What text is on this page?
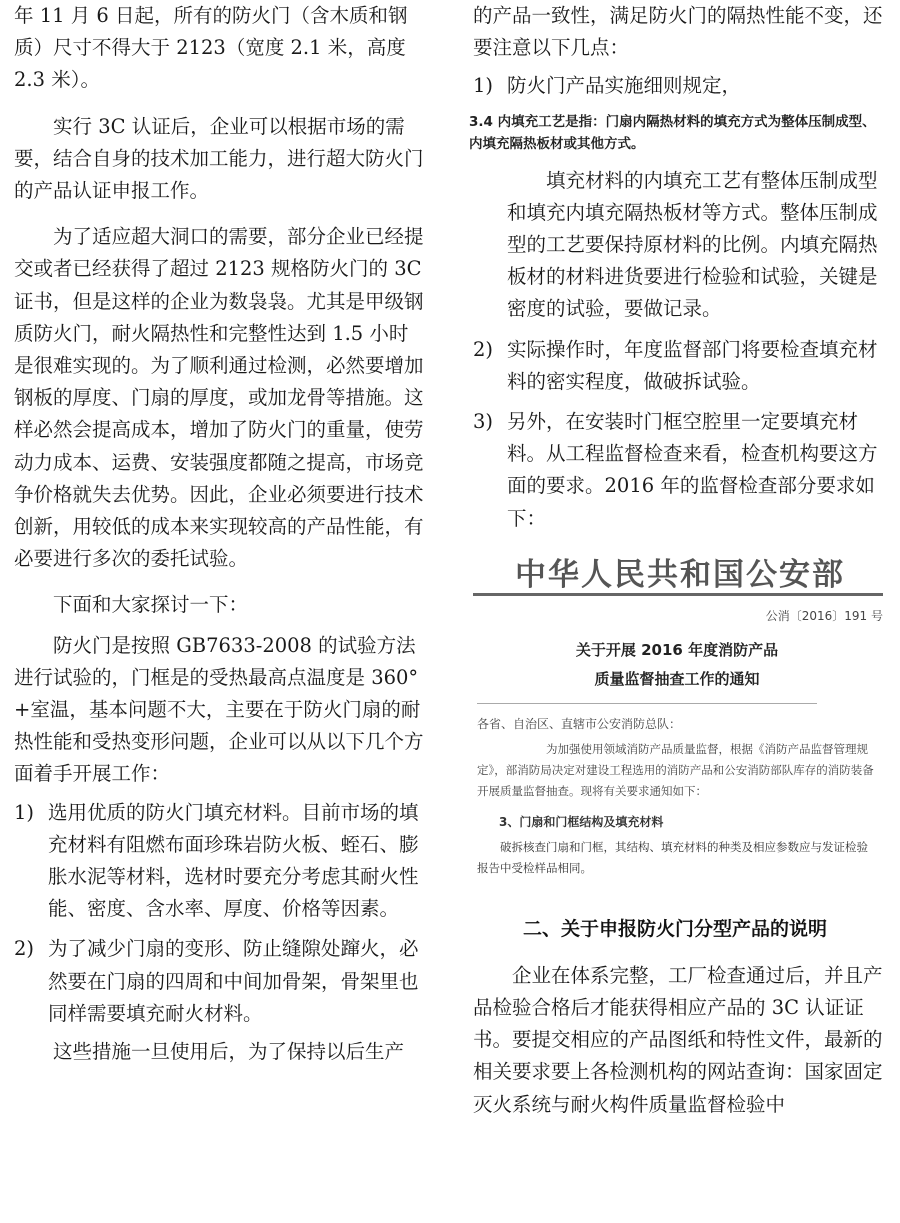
年 11 月 6 日起，所有的防火门（含木质和钢质）尺寸不得大于 2123（宽度 2.1 米，高度 2.3 米）。

实行 3C 认证后，企业可以根据市场的需要，结合自身的技术加工能力，进行超大防火门的产品认证申报工作。

为了适应超大洞口的需要，部分企业已经提交或者已经获得了超过 2123 规格防火门的 3C 证书，但是这样的企业为数袅袅。尤其是甲级钢质防火门，耐火隔热性和完整性达到 1.5 小时是很难实现的。为了顺利通过检测，必然要增加钢板的厚度、门扇的厚度，或加龙骨等措施。这样必然会提高成本，增加了防火门的重量，使劳动力成本、运费、安装强度都随之提高，市场竞争价格就失去优势。因此，企业必须要进行技术创新，用较低的成本来实现较高的产品性能，有必要进行多次的委托试验。

下面和大家探讨一下：

防火门是按照 GB7633-2008 的试验方法进行试验的，门框是的受热最高点温度是 360°+室温，基本问题不大，主要在于防火门扇的耐热性能和受热变形问题，企业可以从以下几个方面着手开展工作：

1) 选用优质的防火门填充材料。目前市场的填充材料有阻燃布面珍珠岩防火板、蛭石、膨胀水泥等材料，选材时要充分考虑其耐火性能、密度、含水率、厚度、价格等因素。
2) 为了减少门扇的变形、防止缝隙处蹿火，必然要在门扇的四周和中间加骨架，骨架里也同样需要填充耐火材料。

这些措施一旦使用后，为了保持以后生产

的产品一致性，满足防火门的隔热性能不变，还要注意以下几点：

1) 防火门产品实施细则规定，

3.4 内填充工艺是指：门扇内隔热材料的填充方式为整体压制成型、内填充隔热板材或其他方式。

填充材料的内填充工艺有整体压制成型和填充内填充隔热板材等方式。整体压制成型的工艺要保持原材料的比例。内填充隔热板材的材料进货要进行检验和试验，关键是密度的试验，要做记录。

2) 实际操作时，年度监督部门将要检查填充材料的密实程度，做破拆试验。
3) 另外，在安装时门框空腔里一定要填充材料。从工程监督检查来看，检查机构要这方面的要求。2016 年的监督检查部分要求如下：
中华人民共和国公安部
公消〔2016〕191 号
关于开展 2016 年度消防产品
质量监督抽查工作的通知
各省、自治区、直辖市公安消防总队：
为加强使用领域消防产品质量监督，根据《消防产品监督管理规定》，部消防局决定对建设工程选用的消防产品和公安消防部队库存的消防装备开展质量监督抽查。现将有关要求通知如下：
3、门扇和门框结构及填充材料
破拆核查门扇和门框，其结构、填充材料的种类及相应参数应与发证检验报告中受检样品相同。
二、关于申报防火门分型产品的说明

企业在体系完整，工厂检查通过后，并且产品检验合格后才能获得相应产品的 3C 认证证书。要提交相应的产品图纸和特性文件，最新的相关要求要上各检测机构的网站查询：国家固定灭火系统与耐火构件质量监督检验中
